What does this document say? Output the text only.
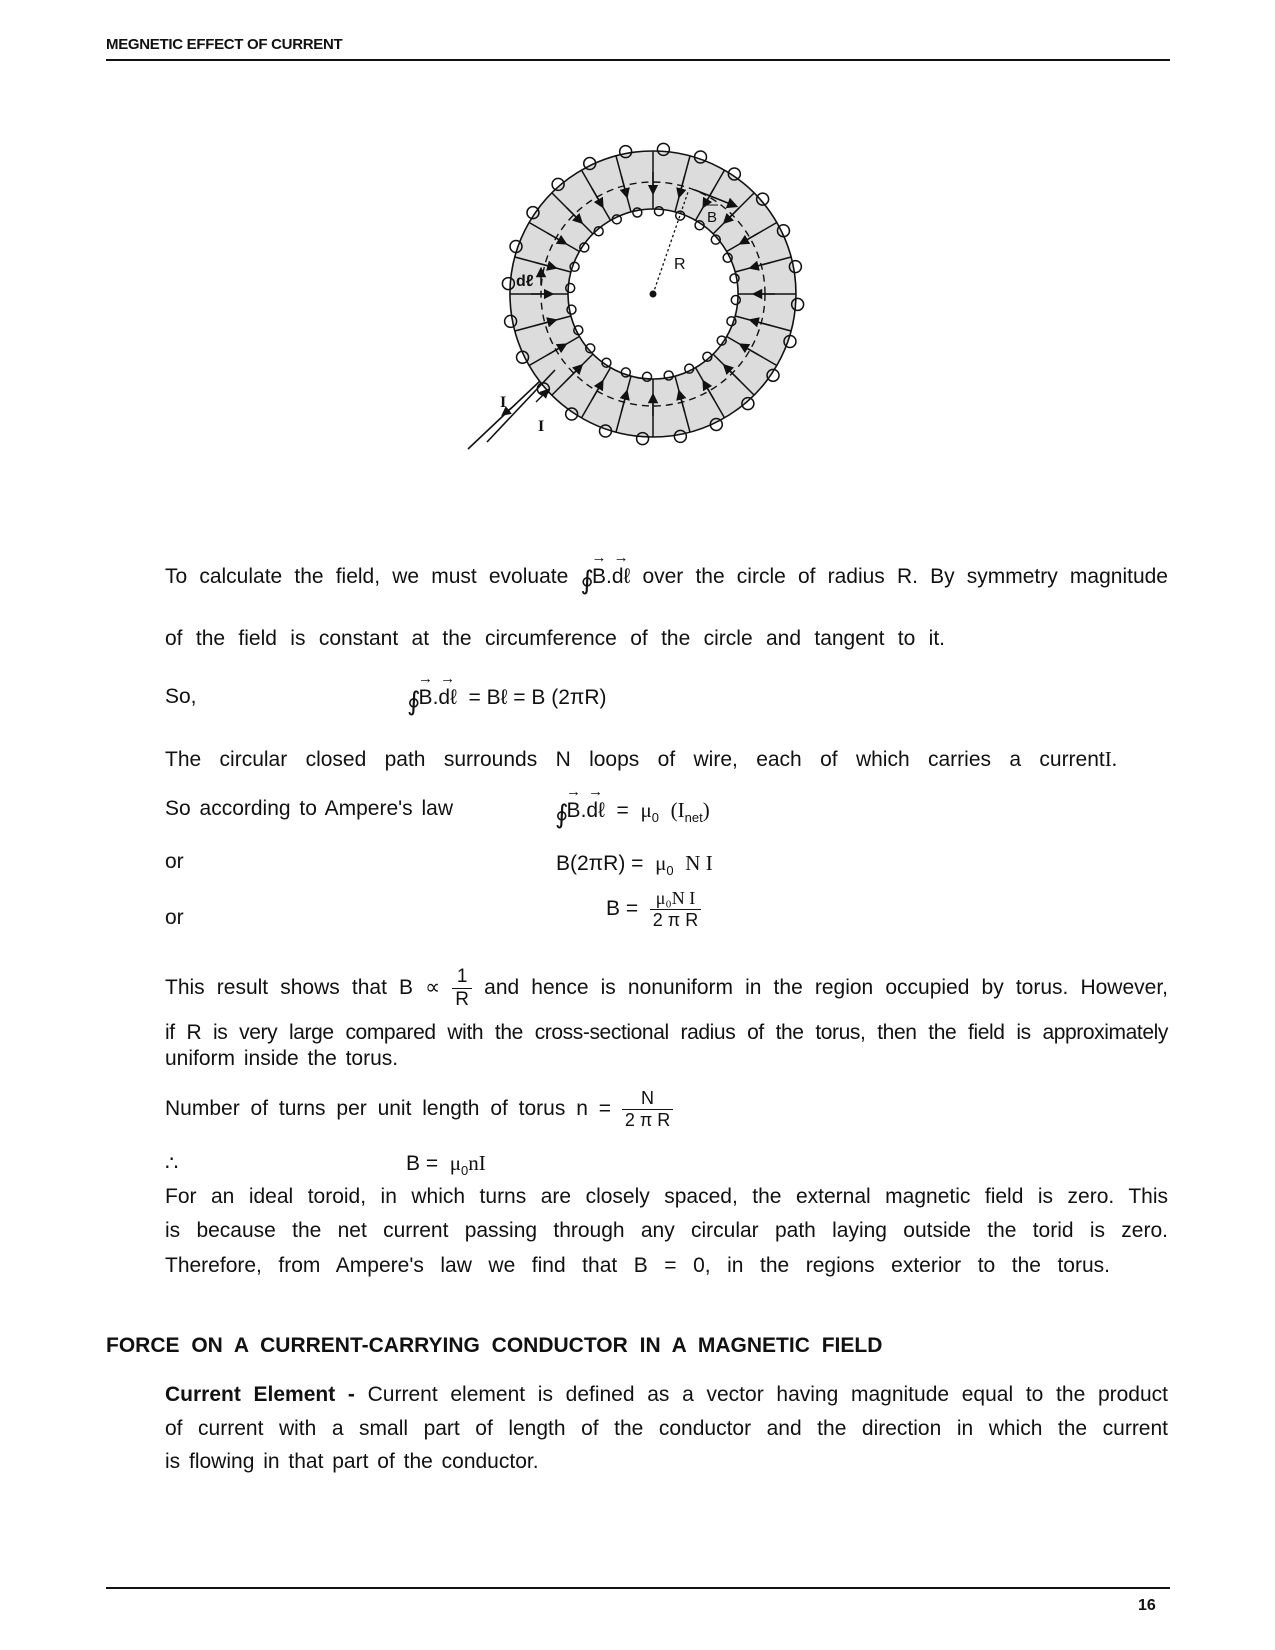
MEGNETIC EFFECT OF CURRENT
B
R
dℓ
I
I
To calculate the field, we must evoluate ∮→ B.→ dℓ over the circle of radius R. By symmetry magnitude
of the field is constant at the circumference of the circle and tangent to it.
So,	∮→ B.→ dℓ = Bℓ = B (2πR)
The circular closed path surrounds N loops of wire, each of which carries a currentI.
So according to Ampere's law	∮→ B.→ dℓ = $\mu_0$ $(I_{net})$
or	$B(2\pi R) = \mu_0$ N I
or	$B = \frac{\text{μ₀N I}}{\text{2 π R}}$
This result shows that $B \propto \frac{1}{R}$ and hence is nonuniform in the region occupied by torus. However,
if R is very large compared with the cross-sectional radius of the torus, then the field is approximately
uniform inside the torus.
Number of turns per unit length of torus $n = \frac{N}{\text{2 π R}}$
∴	$B = \mu_0nI$
For an ideal toroid, in which turns are closely spaced, the external magnetic field is zero. This
is because the net current passing through any circular path laying outside the torid is zero.
Therefore, from Ampere's law we find that B = 0, in the regions exterior to the torus.
FORCE ON A CURRENT-CARRYING CONDUCTOR IN A MAGNETIC FIELD
Current Element - Current element is defined as a vector having magnitude equal to the product
of current with a small part of length of the conductor and the direction in which the current
is flowing in that part of the conductor.
16
